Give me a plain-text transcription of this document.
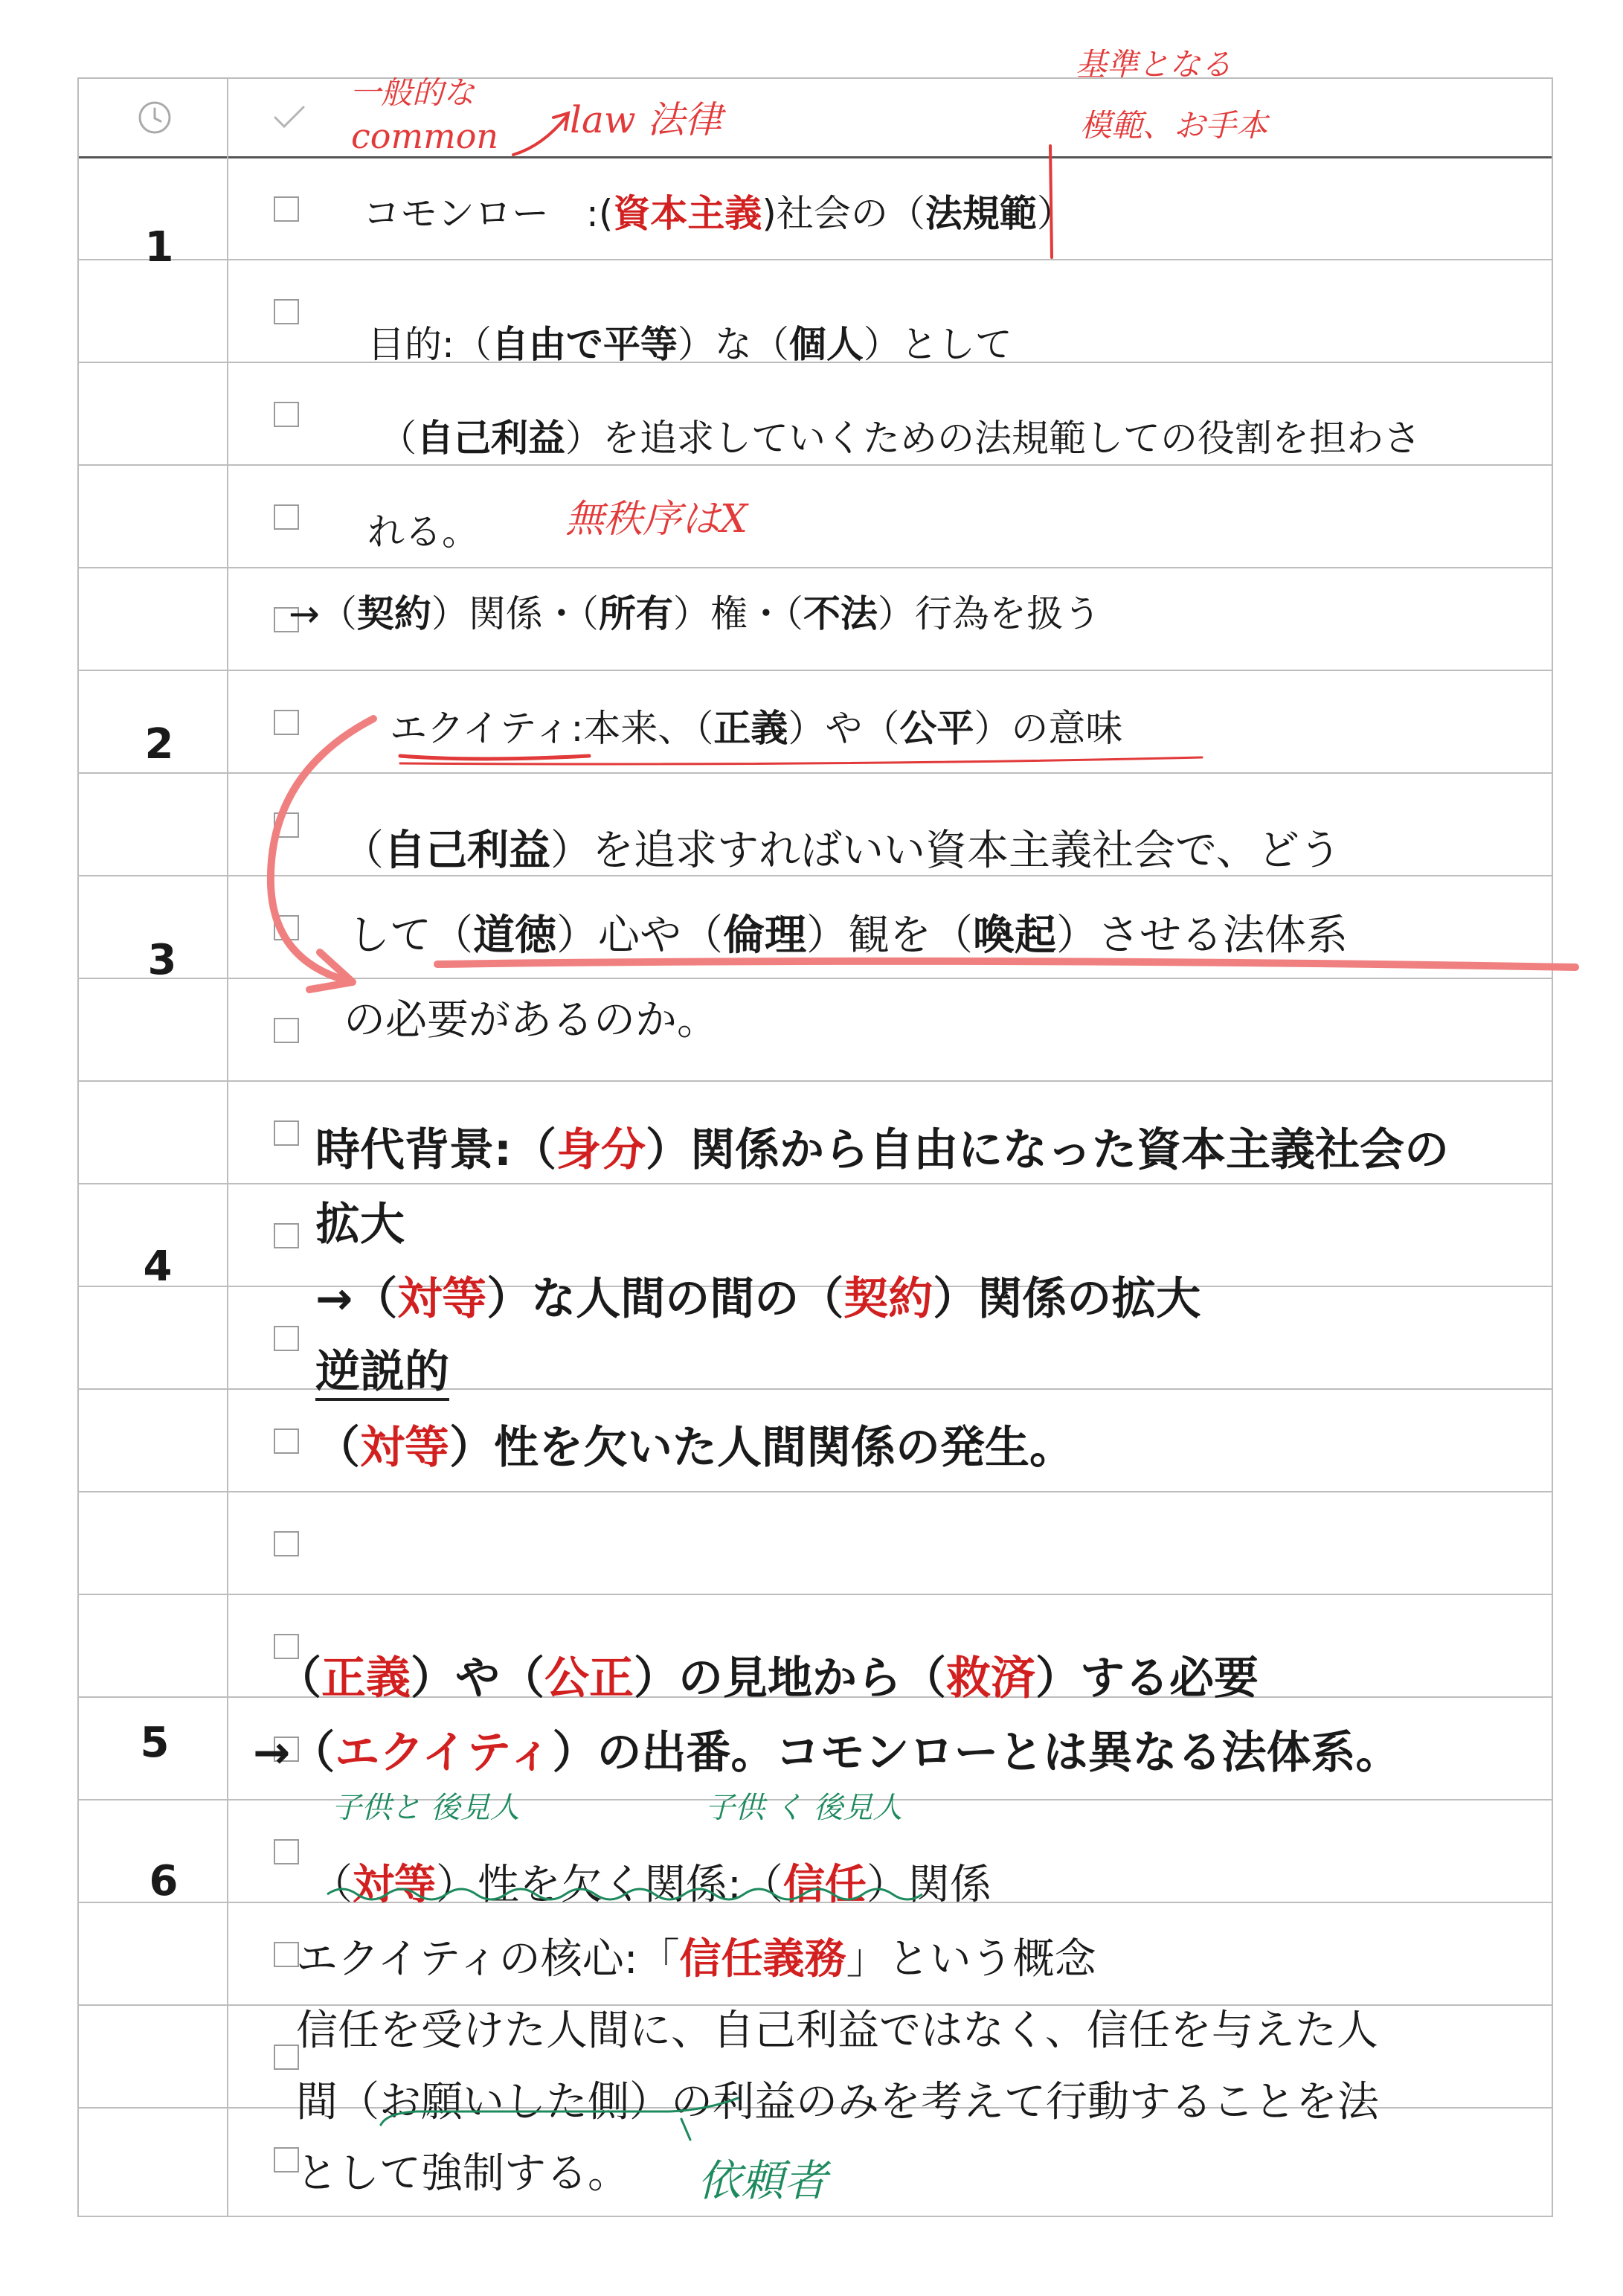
1
2
3
4
5
6
コモンロー　:(資本主義)社会の（法規範）
目的:（自由で平等）な（個人）として
（自己利益）を追求していくための法規範しての役割を担わさ
れる。
→（契約）関係・（所有）権・（不法）行為を扱う
エクイティ:本来、（正義）や（公平）の意味
（自己利益）を追求すればいい資本主義社会で、どう
して（道徳）心や（倫理）観を（喚起）させる法体系
の必要があるのか。
時代背景:（身分）関係から自由になった資本主義社会の
拡大
→（対等）な人間の間の（契約）関係の拡大
逆説的
（対等）性を欠いた人間関係の発生。
（正義）や（公正）の見地から（救済）する必要
→（エクイティ）の出番。コモンローとは異なる法体系。
（対等）性を欠く関係:（信任）関係
エクイティの核心:「信任義務」という概念
信任を受けた人間に、自己利益ではなく、信任を与えた人
間（お願いした側）の利益のみを考えて行動することを法
として強制する。
一般的な
common law 法律
基準となる
模範、お手本
無秩序はX
子供と 後見人	子供 く 後見人
依頼者
